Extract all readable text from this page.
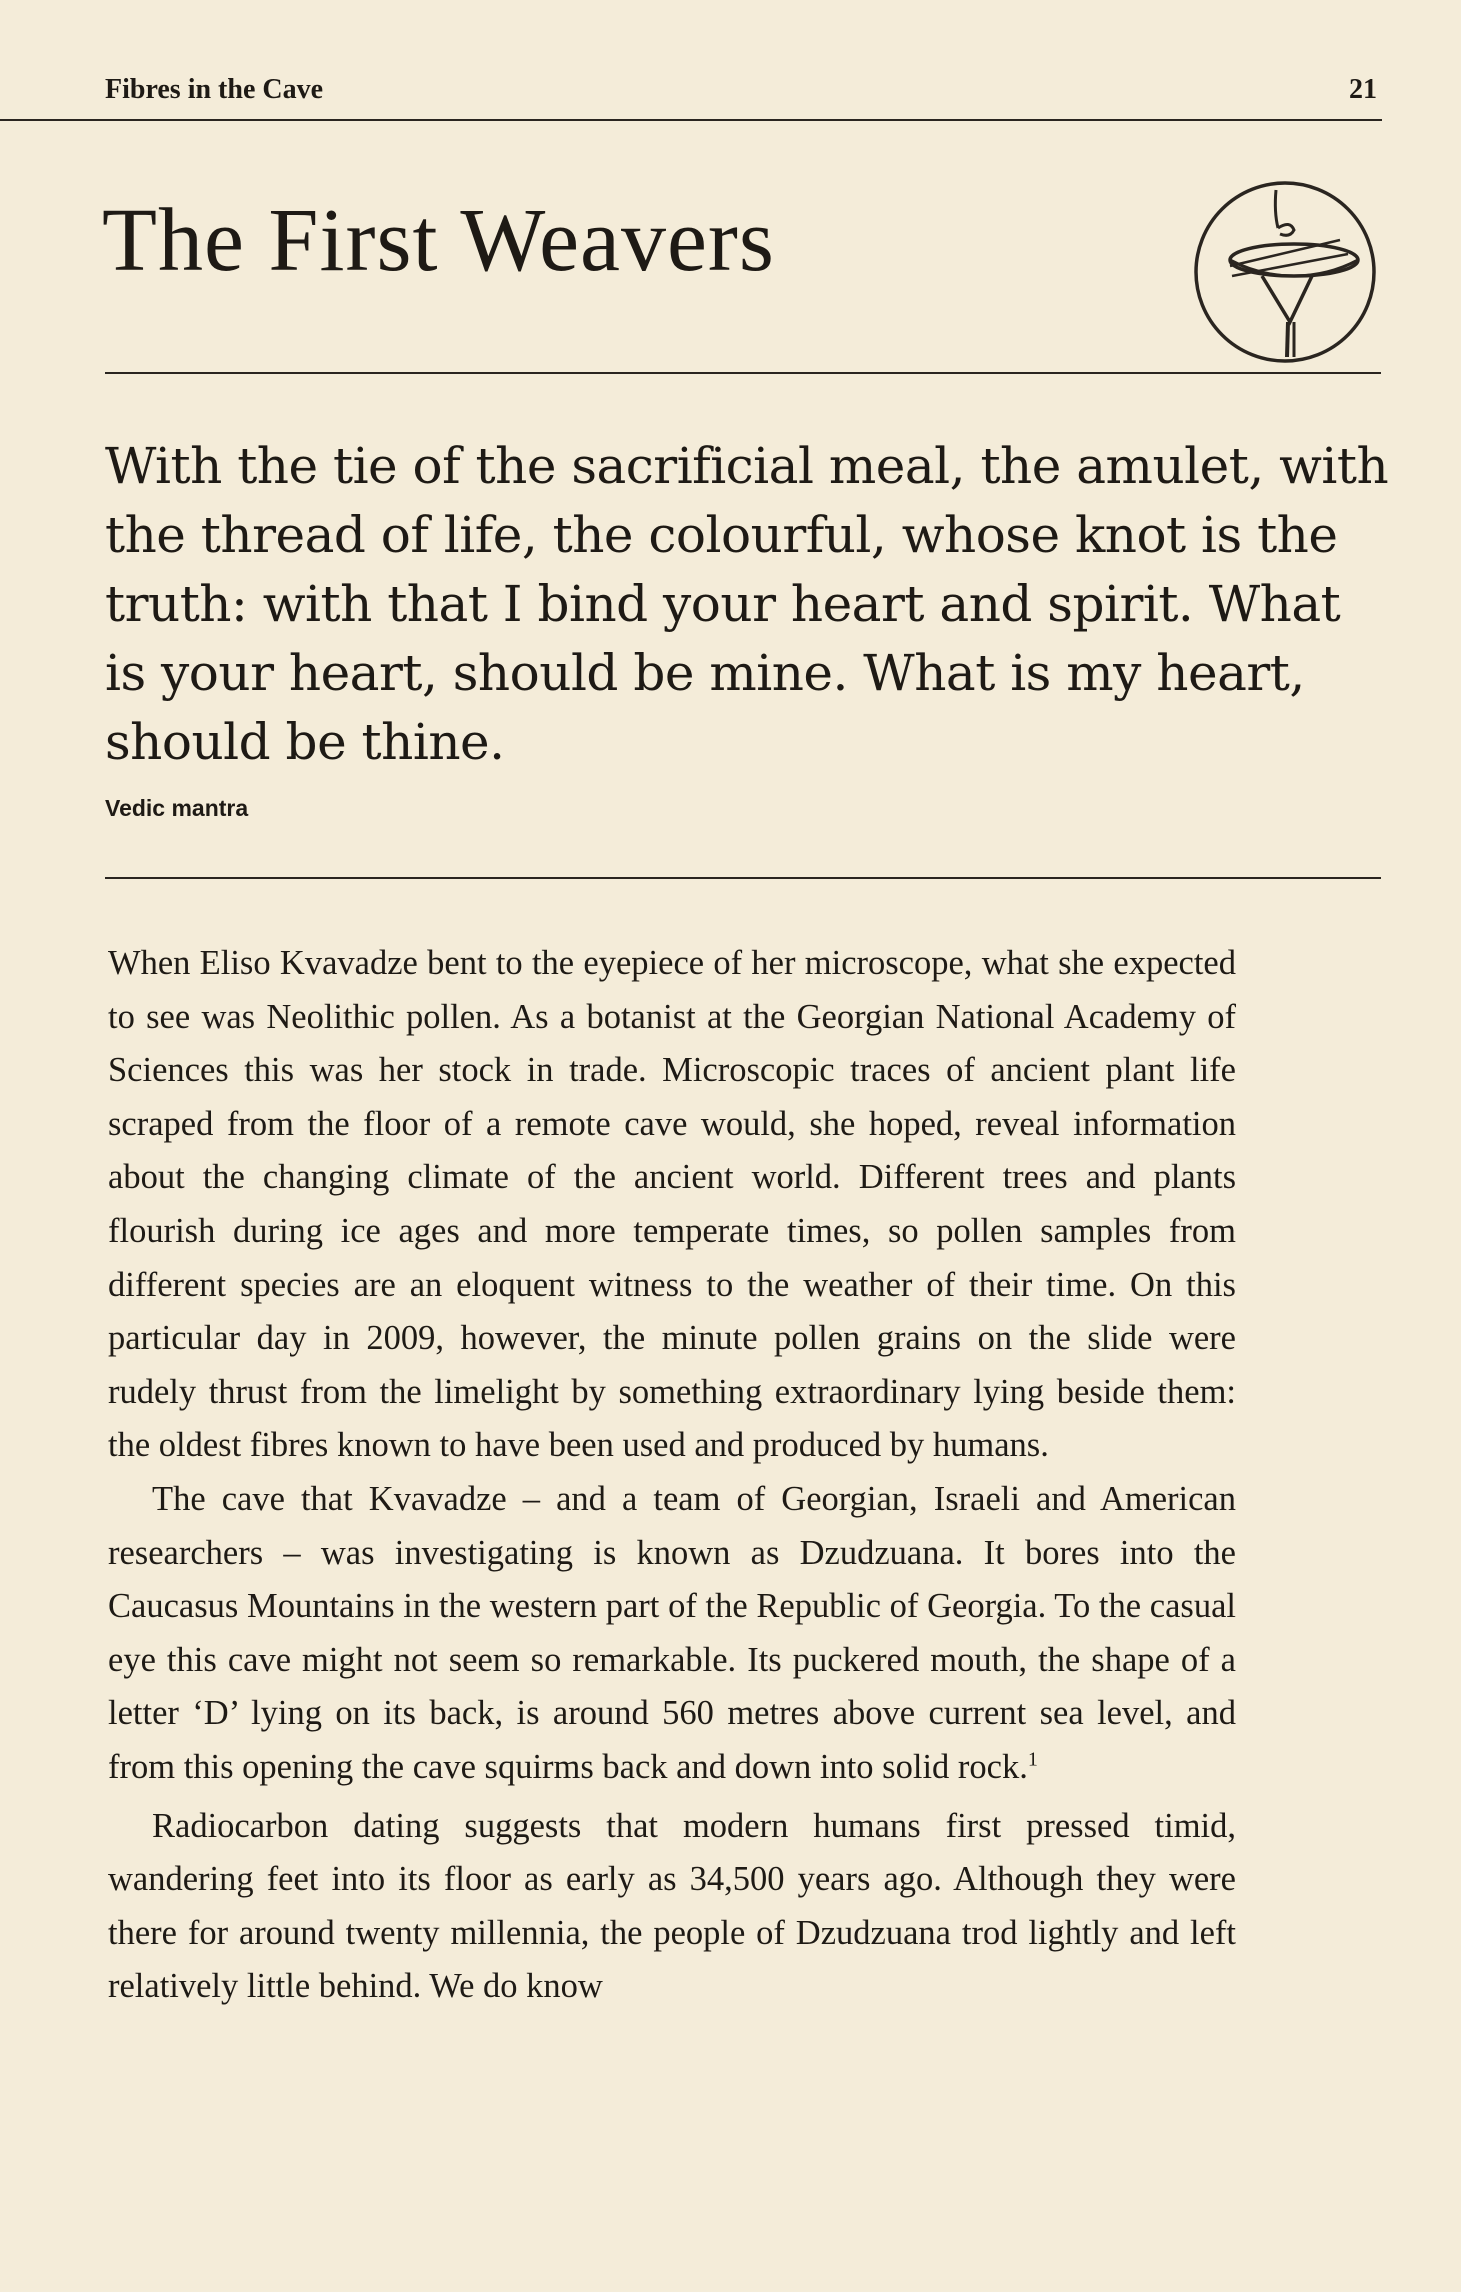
Fibres in the Cave	21
The First Weavers

With the tie of the sacrificial meal, the amulet, with the thread of life, the colourful, whose knot is the truth: with that I bind your heart and spirit. What is your heart, should be mine. What is my heart, should be thine.

Vedic mantra

When Eliso Kvavadze bent to the eyepiece of her microscope, what she expected to see was Neolithic pollen. As a botanist at the Georgian National Academy of Sciences this was her stock in trade. Microscopic traces of ancient plant life scraped from the floor of a remote cave would, she hoped, reveal information about the changing climate of the ancient world. Different trees and plants flourish during ice ages and more temperate times, so pollen samples from different species are an eloquent witness to the weather of their time. On this particular day in 2009, however, the minute pollen grains on the slide were rudely thrust from the limelight by something extraordinary lying beside them: the oldest fibres known to have been used and produced by humans.

The cave that Kvavadze – and a team of Georgian, Israeli and American researchers – was investigating is known as Dzudzuana. It bores into the Caucasus Mountains in the western part of the Republic of Georgia. To the casual eye this cave might not seem so remarkable. Its puckered mouth, the shape of a letter ‘D’ lying on its back, is around 560 metres above current sea level, and from this opening the cave squirms back and down into solid rock.$^1$

Radiocarbon dating suggests that modern humans first pressed timid, wandering feet into its floor as early as 34,500 years ago. Although they were there for around twenty millennia, the people of Dzudzuana trod lightly and left relatively little behind. We do know
